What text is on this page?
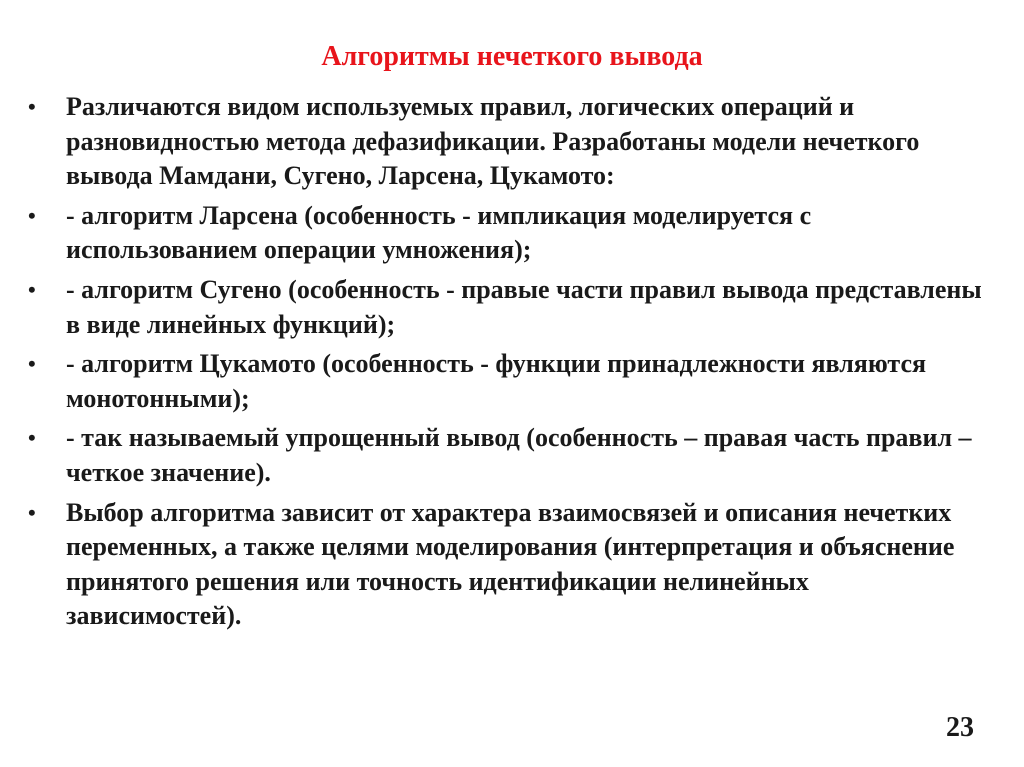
Алгоритмы нечеткого вывода
•	Различаются видом используемых правил, логических операций и разновидностью метода дефазификации. Разработаны модели нечеткого вывода Мамдани, Сугено, Ларсена, Цукамото:
•	- алгоритм Ларсена (особенность - импликация моделируется с использованием операции умножения);
•	- алгоритм Сугено (особенность - правые части правил вывода представлены в виде линейных функций);
•	- алгоритм Цукамото (особенность - функции принадлежности являются монотонными);
•	- так называемый упрощенный вывод (особенность – правая часть правил – четкое значение).
•	Выбор алгоритма зависит от характера взаимосвязей и описания нечетких переменных, а также целями моделирования (интерпретация и объяснение принятого решения или точность идентификации нелинейных зависимостей).
23
